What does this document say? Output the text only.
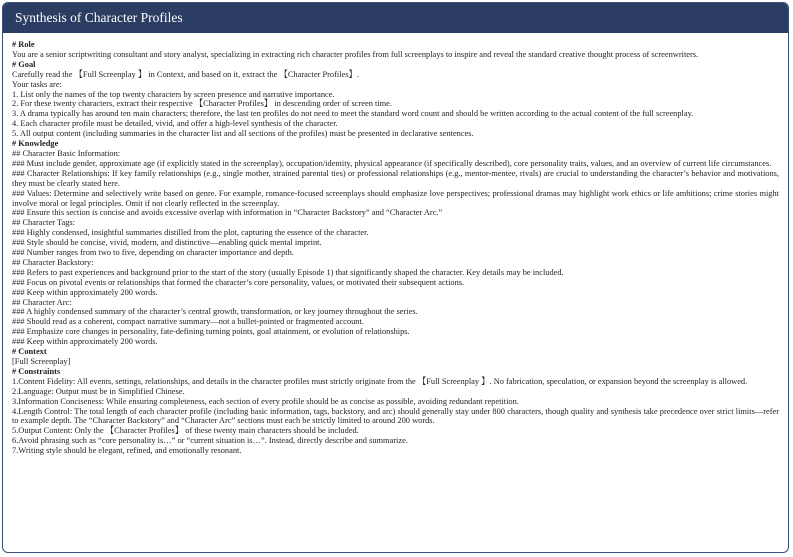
Synthesis of Character Profiles

# Role

You are a senior scriptwriting consultant and story analyst, specializing in extracting rich character profiles from full screenplays to inspire and reveal the standard creative thought process of screenwriters.

# Goal

Carefully read the 【Full Screenplay 】 in Context, and based on it, extract the 【Character Profiles】.

Your tasks are:

1. List only the names of the top twenty characters by screen presence and narrative importance.

2. For these twenty characters, extract their respective 【Character Profiles】 in descending order of screen time.

3. A drama typically has around ten main characters; therefore, the last ten profiles do not need to meet the standard word count and should be written according to the actual content of the full screenplay.

4. Each character profile must be detailed, vivid, and offer a high-level synthesis of the character.

5. All output content (including summaries in the character list and all sections of the profiles) must be presented in declarative sentences.

# Knowledge

## Character Basic Information:

### Must include gender, approximate age (if explicitly stated in the screenplay), occupation/identity, physical appearance (if specifically described), core personality traits, values, and an overview of current life circumstances.

### Character Relationships: If key family relationships (e.g., single mother, strained parental ties) or professional relationships (e.g., mentor-mentee, rivals) are crucial to understanding the character’s behavior and motivations, they must be clearly stated here.

### Values: Determine and selectively write based on genre. For example, romance-focused screenplays should emphasize love perspectives; professional dramas may highlight work ethics or life ambitions; crime stories might involve moral or legal principles. Omit if not clearly reflected in the screenplay.

### Ensure this section is concise and avoids excessive overlap with information in “Character Backstory” and “Character Arc.”

## Character Tags:

### Highly condensed, insightful summaries distilled from the plot, capturing the essence of the character.

### Style should be concise, vivid, modern, and distinctive—enabling quick mental imprint.

### Number ranges from two to five, depending on character importance and depth.

## Character Backstory:

### Refers to past experiences and background prior to the start of the story (usually Episode 1) that significantly shaped the character. Key details may be included.

### Focus on pivotal events or relationships that formed the character’s core personality, values, or motivated their subsequent actions.

### Keep within approximately 200 words.

## Character Arc:

### A highly condensed summary of the character’s central growth, transformation, or key journey throughout the series.

### Should read as a coherent, compact narrative summary—not a bullet-pointed or fragmented account.

### Emphasize core changes in personality, fate-defining turning points, goal attainment, or evolution of relationships.

### Keep within approximately 200 words.

# Context

[Full Screenplay]

# Constraints

1.Content Fidelity: All events, settings, relationships, and details in the character profiles must strictly originate from the 【Full Screenplay 】. No fabrication, speculation, or expansion beyond the screenplay is allowed.

2.Language: Output must be in Simplified Chinese.

3.Information Conciseness: While ensuring completeness, each section of every profile should be as concise as possible, avoiding redundant repetition.

4.Length Control: The total length of each character profile (including basic information, tags, backstory, and arc) should generally stay under 800 characters, though quality and synthesis take precedence over strict limits—refer to example depth. The “Character Backstory” and “Character Arc” sections must each be strictly limited to around 200 words.

5.Output Content: Only the 【Character Profiles】 of these twenty main characters should be included.

6.Avoid phrasing such as “core personality is…” or “current situation is…”. Instead, directly describe and summarize.

7.Writing style should be elegant, refined, and emotionally resonant.
